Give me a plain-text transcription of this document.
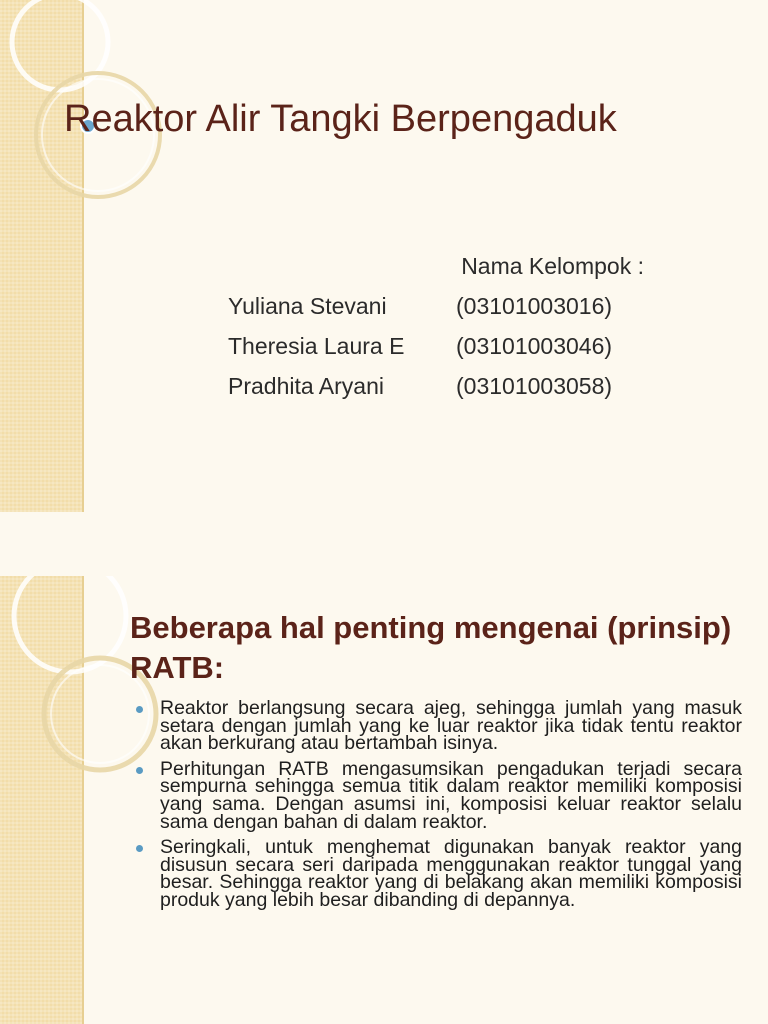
Reaktor Alir Tangki Berpengaduk
Nama Kelompok :
Yuliana Stevani	(03101003016)
Theresia Laura E (03101003046)
Pradhita Aryani	(03101003058)
Beberapa hal penting mengenai (prinsip) RATB:
Reaktor berlangsung secara ajeg, sehingga jumlah yang masuk setara dengan jumlah yang ke luar reaktor jika tidak tentu reaktor akan berkurang atau bertambah isinya.
Perhitungan RATB mengasumsikan pengadukan terjadi secara sempurna sehingga semua titik dalam reaktor memiliki komposisi yang sama. Dengan asumsi ini, komposisi keluar reaktor selalu sama dengan bahan di dalam reaktor.
Seringkali, untuk menghemat digunakan banyak reaktor yang disusun secara seri daripada menggunakan reaktor tunggal yang besar. Sehingga reaktor yang di belakang akan memiliki komposisi produk yang lebih besar dibanding di depannya.
